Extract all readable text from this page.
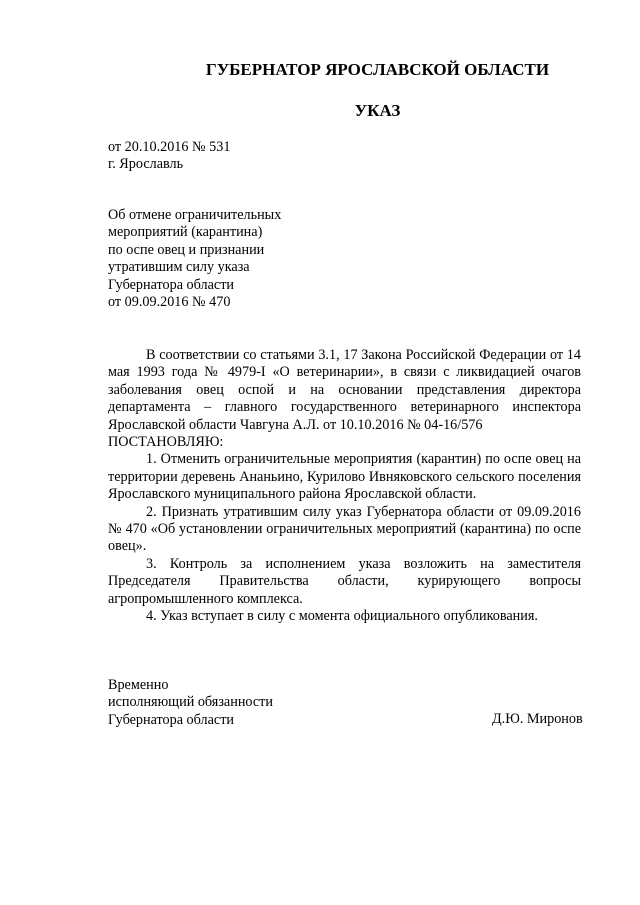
ГУБЕРНАТОР ЯРОСЛАВСКОЙ ОБЛАСТИ
УКАЗ
от 20.10.2016 № 531
г. Ярославль
Об отмене ограничительных
мероприятий (карантина)
по оспе овец и признании
утратившим силу указа
Губернатора области
от 09.09.2016 № 470
В соответствии со статьями 3.1, 17 Закона Российской Федерации от 14 мая 1993 года № 4979-I «О ветеринарии», в связи с ликвидацией очагов заболевания овец оспой и на основании представления директора департамента – главного государственного ветеринарного инспектора Ярославской области Чавгуна А.Л. от 10.10.2016 № 04-16/576
ПОСТАНОВЛЯЮ:
1. Отменить ограничительные мероприятия (карантин) по оспе овец на территории деревень Ананьино, Курилово Ивняковского сельского поселения Ярославского муниципального района Ярославской области.
2. Признать утратившим силу указ Губернатора области от 09.09.2016 № 470 «Об установлении ограничительных мероприятий (карантина) по оспе овец».
3. Контроль за исполнением указа возложить на заместителя
Председателя Правительства области, курирующего вопросы
агропромышленного комплекса.
4. Указ вступает в силу с момента официального опубликования.
Временно
исполняющий обязанности
Губернатора области	Д.Ю. Миронов
